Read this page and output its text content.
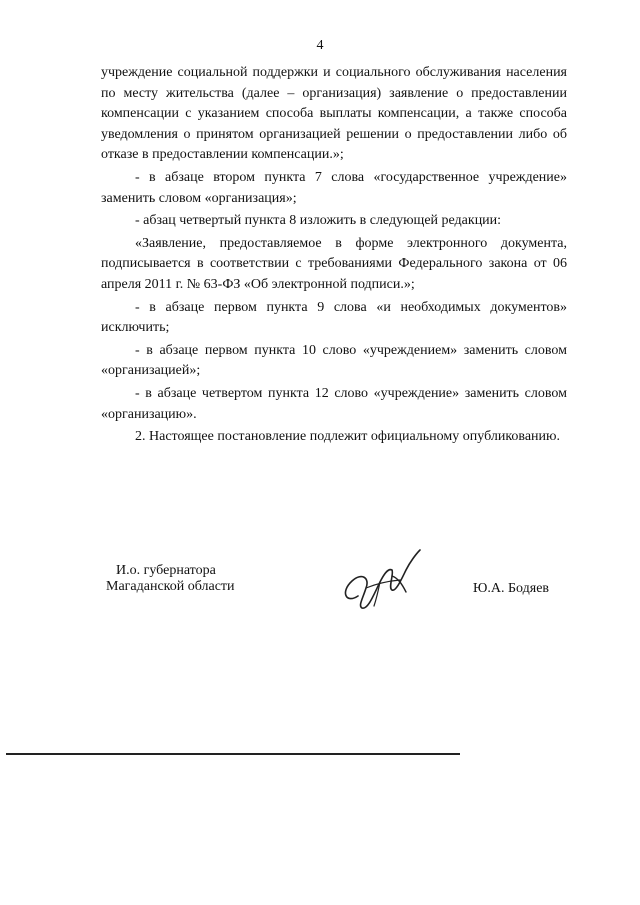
4

учреждение социальной поддержки и социального обслуживания населения по месту жительства (далее – организация) заявление о предоставлении компенсации с указанием способа выплаты компенсации, а также способа уведомления о принятом организацией решении о предоставлении либо об отказе в предоставлении компенсации.»;

- в абзаце втором пункта 7 слова «государственное учреждение» заменить словом «организация»;

- абзац четвертый пункта 8 изложить в следующей редакции:

«Заявление, предоставляемое в форме электронного документа, подписывается в соответствии с требованиями Федерального закона от 06 апреля 2011 г. № 63-ФЗ «Об электронной подписи.»;

- в абзаце первом пункта 9 слова «и необходимых документов» исключить;

- в абзаце первом пункта 10 слово «учреждением» заменить словом «организацией»;

- в абзаце четвертом пункта 12 слово «учреждение» заменить словом «организацию».

2. Настоящее постановление подлежит официальному опубликованию.

И.о. губернатора
Магаданской области	Ю.А. Бодяев
